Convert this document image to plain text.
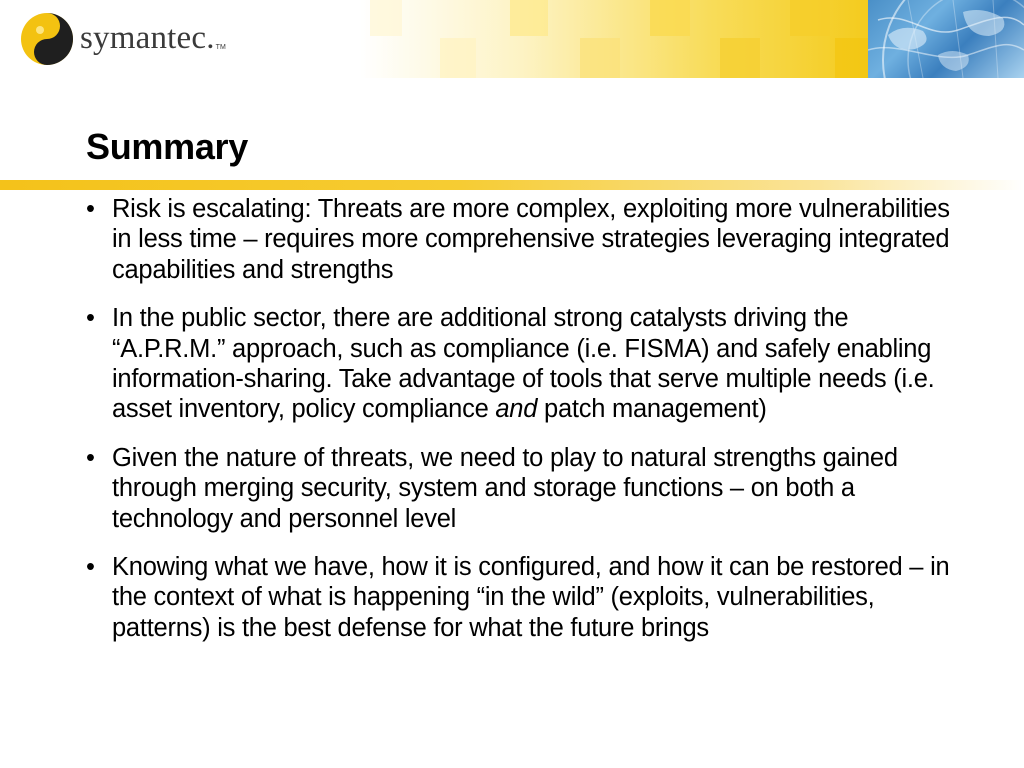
symantec. TM
Summary
• Risk is escalating: Threats are more complex, exploiting more vulnerabilities in less time – requires more comprehensive strategies leveraging integrated capabilities and strengths
• In the public sector, there are additional strong catalysts driving the “A.P.R.M.” approach, such as compliance (i.e. FISMA) and safely enabling information-sharing. Take advantage of tools that serve multiple needs (i.e. asset inventory, policy compliance and patch management)
• Given the nature of threats, we need to play to natural strengths gained through merging security, system and storage functions – on both a technology and personnel level
• Knowing what we have, how it is configured, and how it can be restored – in the context of what is happening “in the wild” (exploits, vulnerabilities, patterns) is the best defense for what the future brings
